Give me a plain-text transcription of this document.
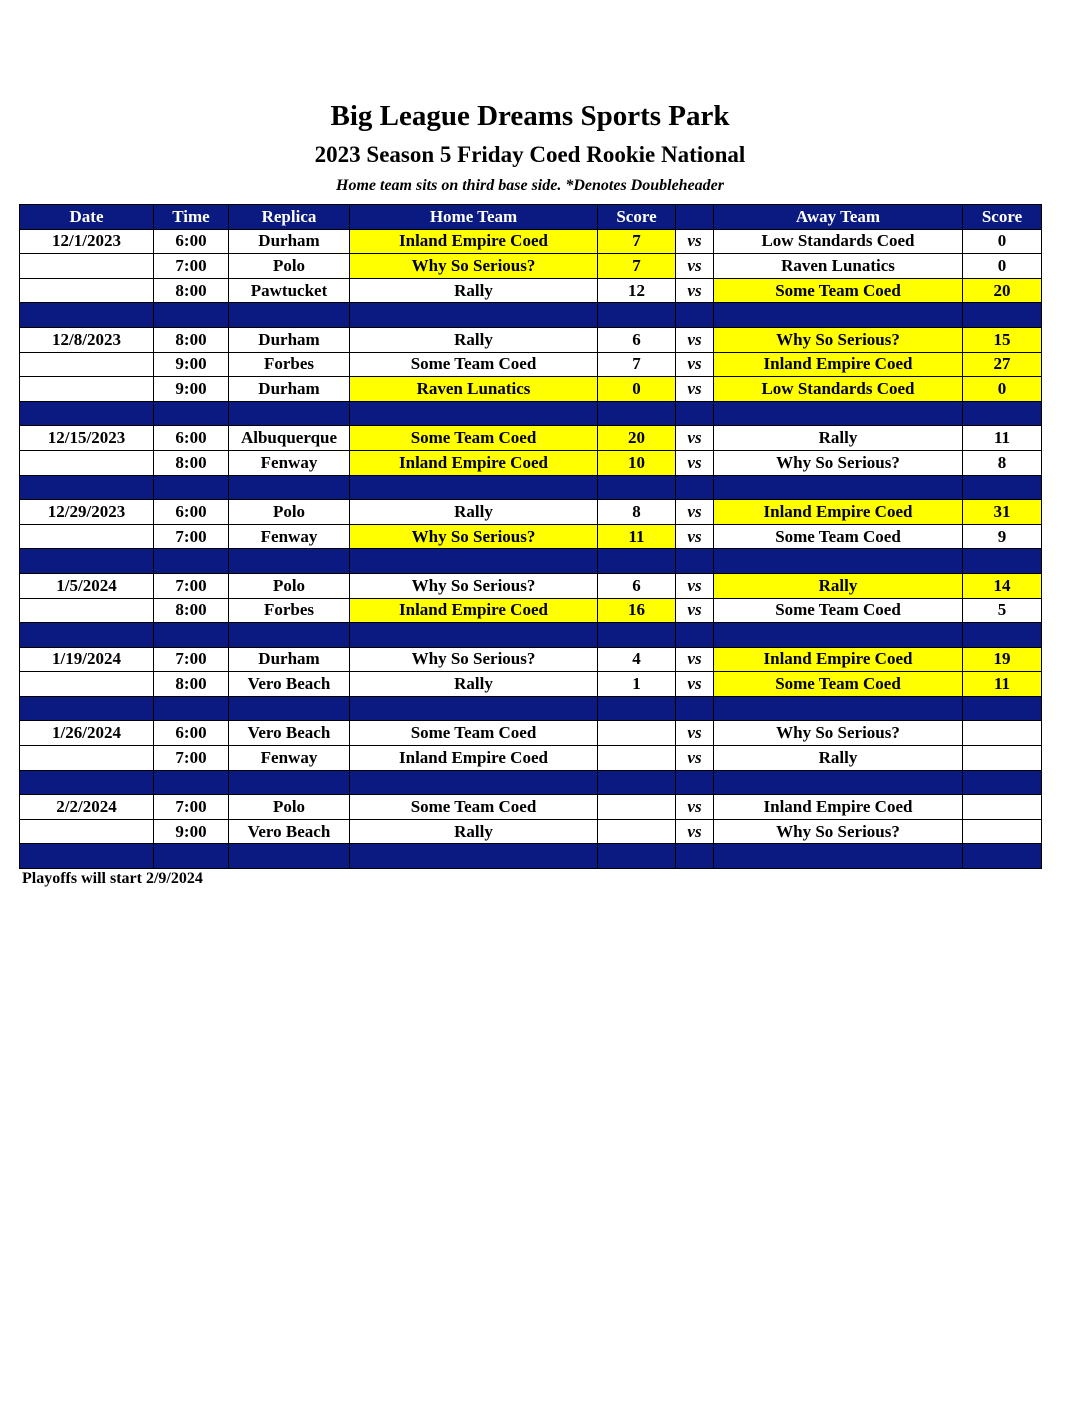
Big League Dreams Sports Park
2023 Season 5 Friday Coed Rookie National
Home team sits on third base side. *Denotes Doubleheader
Date	Time	Replica	Home Team	Score		Away Team	Score
12/1/2023	6:00	Durham	Inland Empire Coed	7	vs	Low Standards Coed	0
	7:00	Polo	Why So Serious?	7	vs	Raven Lunatics	0
	8:00	Pawtucket	Rally	12	vs	Some Team Coed	20

12/8/2023	8:00	Durham	Rally	6	vs	Why So Serious?	15
	9:00	Forbes	Some Team Coed	7	vs	Inland Empire Coed	27
	9:00	Durham	Raven Lunatics	0	vs	Low Standards Coed	0

12/15/2023	6:00	Albuquerque	Some Team Coed	20	vs	Rally	11
	8:00	Fenway	Inland Empire Coed	10	vs	Why So Serious?	8

12/29/2023	6:00	Polo	Rally	8	vs	Inland Empire Coed	31
	7:00	Fenway	Why So Serious?	11	vs	Some Team Coed	9

1/5/2024	7:00	Polo	Why So Serious?	6	vs	Rally	14
	8:00	Forbes	Inland Empire Coed	16	vs	Some Team Coed	5

1/19/2024	7:00	Durham	Why So Serious?	4	vs	Inland Empire Coed	19
	8:00	Vero Beach	Rally	1	vs	Some Team Coed	11

1/26/2024	6:00	Vero Beach	Some Team Coed		vs	Why So Serious?	
	7:00	Fenway	Inland Empire Coed		vs	Rally	

2/2/2024	7:00	Polo	Some Team Coed		vs	Inland Empire Coed	
	9:00	Vero Beach	Rally		vs	Why So Serious?	

Playoffs will start 2/9/2024
